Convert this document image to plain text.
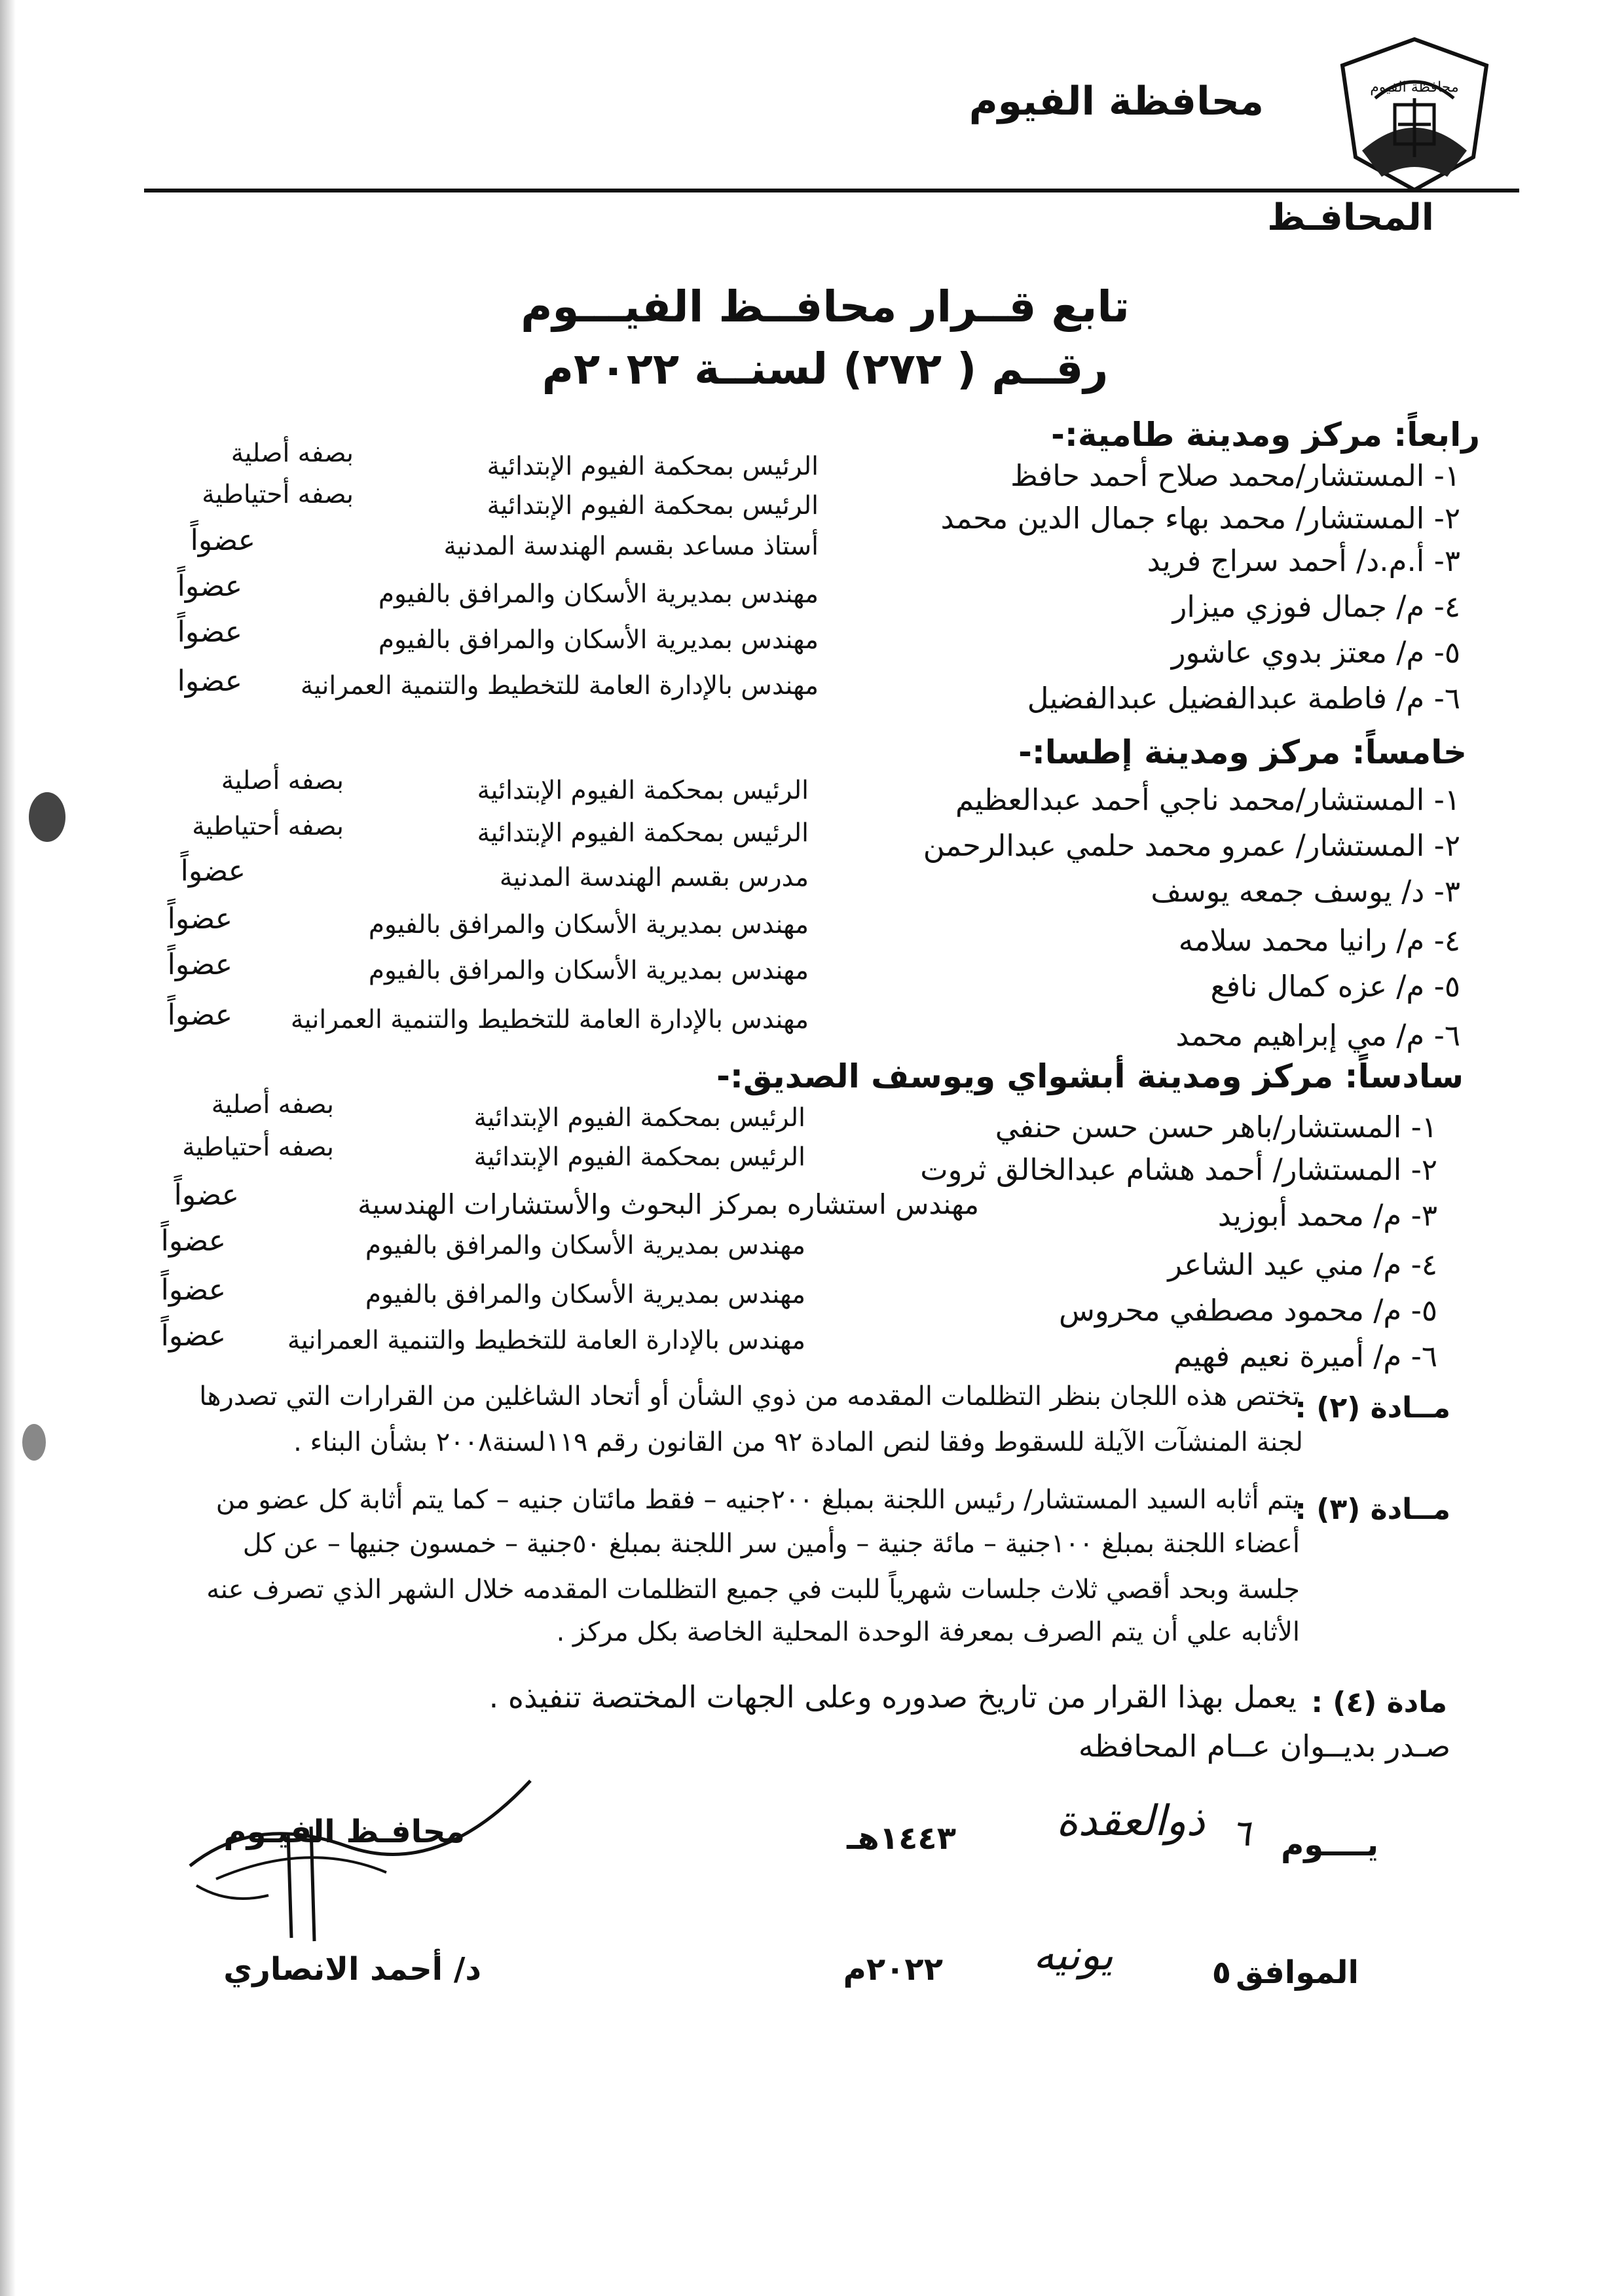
محافظة الفيوم
محافظة الفيوم
المحافـظ
تابع قــرار محافــظ الفيـــوم
رقــم ( ٢٧٢) لسنــة ٢٠٢٢م
رابعاً: مركز ومدينة طامية:-
١- المستشار/محمد صلاح أحمد حافظ
الرئيس بمحكمة الفيوم الإبتدائية
بصفه أصلية
٢- المستشار/ محمد بهاء جمال الدين محمد
الرئيس بمحكمة الفيوم الإبتدائية
بصفه أحتياطية
٣- أ.م.د/ أحمد سراج فريد
أستاذ مساعد بقسم الهندسة المدنية
عضواً
٤- م/ جمال فوزي ميزار
مهندس بمديرية الأسكان والمرافق بالفيوم
عضواً
٥- م/ معتز بدوي عاشور
مهندس بمديرية الأسكان والمرافق بالفيوم
عضواً
٦- م/ فاطمة عبدالفضيل عبدالفضيل
مهندس بالإدارة العامة للتخطيط والتنمية العمرانية
عضوا
خامساً: مركز ومدينة إطسا:-
١- المستشار/محمد ناجي أحمد عبدالعظيم
الرئيس بمحكمة الفيوم الإبتدائية
بصفه أصلية
٢- المستشار/ عمرو محمد حلمي عبدالرحمن
الرئيس بمحكمة الفيوم الإبتدائية
بصفه أحتياطية
٣- د/ يوسف جمعه يوسف
مدرس بقسم الهندسة المدنية
عضواً
٤- م/ رانيا محمد سلامه
مهندس بمديرية الأسكان والمرافق بالفيوم
عضواً
٥- م/ عزه كمال نافع
مهندس بمديرية الأسكان والمرافق بالفيوم
عضواً
٦- م/ مي إبراهيم محمد
مهندس بالإدارة العامة للتخطيط والتنمية العمرانية
عضواً
سادساً: مركز ومدينة أبشواي ويوسف الصديق:-
١- المستشار/باهر حسن حسن حنفي
الرئيس بمحكمة الفيوم الإبتدائية
بصفه أصلية
٢- المستشار/ أحمد هشام عبدالخالق ثروت
الرئيس بمحكمة الفيوم الإبتدائية
بصفه أحتياطية
٣- م/ محمد أبوزيد
مهندس استشاره بمركز البحوث والأستشارات الهندسية
عضواً
٤- م/ مني عيد الشاعر
مهندس بمديرية الأسكان والمرافق بالفيوم
عضواً
٥- م/ محمود مصطفي محروس
مهندس بمديرية الأسكان والمرافق بالفيوم
عضواً
٦- م/ أميرة نعيم فهيم
مهندس بالإدارة العامة للتخطيط والتنمية العمرانية
عضواً
مــادة (٢) :
تختص هذه اللجان بنظر التظلمات المقدمه من ذوي الشأن أو أتحاد الشاغلين من القرارات التي تصدرها
لجنة المنشآت الآيلة للسقوط وفقا لنص المادة ٩٢ من القانون رقم ١١٩لسنة٢٠٠٨ بشأن البناء .
مــادة (٣) :
يتم أثابه السيد المستشار/ رئيس اللجنة بمبلغ ٢٠٠جنيه – فقط مائتان جنيه – كما يتم أثابة كل عضو من
أعضاء اللجنة بمبلغ ١٠٠جنية – مائة جنية – وأمين سر اللجنة بمبلغ ٥٠جنية – خمسون جنيها – عن كل
جلسة وبحد أقصي ثلاث جلسات شهرياً للبت في جميع التظلمات المقدمه خلال الشهر الذي تصرف عنه
الأثابه علي أن يتم الصرف بمعرفة الوحدة المحلية الخاصة بكل مركز .
مادة (٤) :
يعمل بهذا القرار من تاريخ صدوره وعلى الجهات المختصة تنفيذه .
صـدر بديــوان عــام المحافظه
يــــوم
٦
ذوالعقدة
١٤٤٣هـ
الموافق
٥
يونيه
٢٠٢٢م
محافـظ الفيـوم
د/ أحمد الانصاري
